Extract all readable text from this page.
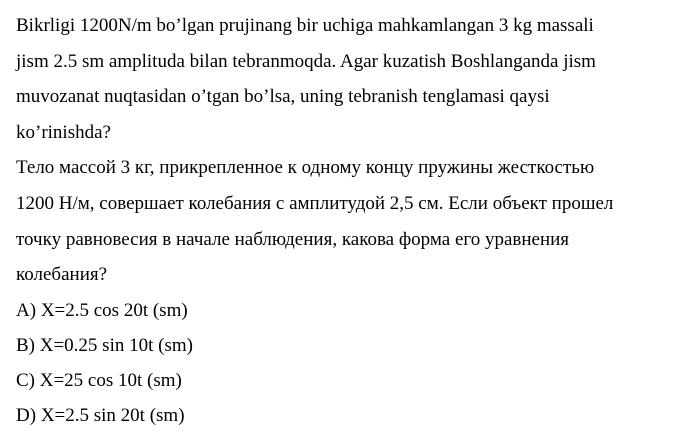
Bikrligi 1200N/m bo’lgan prujinang bir uchiga mahkamlangan 3 kg massali
jism 2.5 sm amplituda bilan tebranmoqda. Agar kuzatish Boshlanganda jism
muvozanat nuqtasidan o’tgan bo’lsa, uning tebranish tenglamasi qaysi
ko’rinishda?
Тело массой 3 кг, прикрепленное к одному концу пружины жесткостью
1200 Н/м, совершает колебания с амплитудой 2,5 см. Если объект прошел
точку равновесия в начале наблюдения, какова форма его уравнения
колебания?
A) X=2.5 cos 20t (sm)
B) X=0.25 sin 10t (sm)
C) X=25 cos 10t (sm)
D) X=2.5 sin 20t (sm)
